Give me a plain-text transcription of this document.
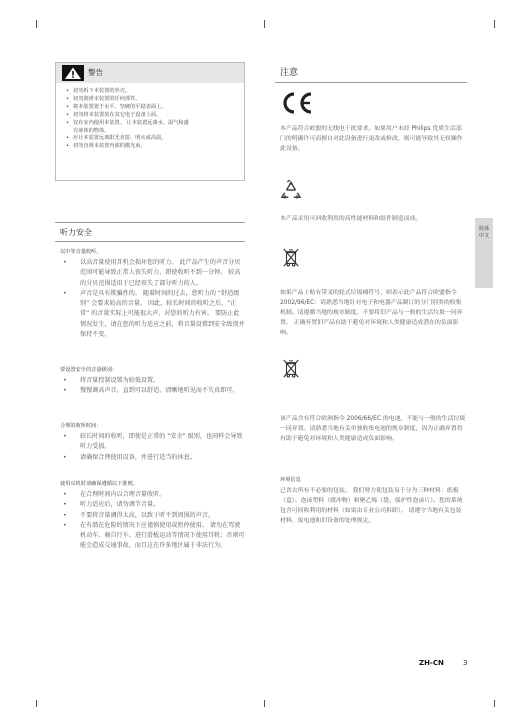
警告
• 切勿拆下本装置的外壳。
• 切勿润滑本装置的任何部件。
• 将本装置置于水平、坚硬的平稳表面上。
• 切勿将本装置放在其它电子设备上面。
• 仅在室内使用本装置。 让本装置远离水、湿气和盛
有液体的物体。
• 应让本装置远离阳光直射、明火或高温。
• 切勿直视本装置内部的激光束。
听力安全
以中等音量收听。
• 以高音量使用耳机会损坏您的听力。 此产品产生的声音分贝范围可能导致正常人丧失听力，即使收听不到一分钟。 较高的分贝范围适用于已经丧失了部分听力的人。
• 声音是具有欺骗性的。 随着时间的过去，您听力的 “舒适级别” 会要求较高的音量。 因此，较长时间的收听之后，“正常” 的音量实际上可能很大声，对您的听力有害。 要防止此情况发生，请在您的听力适应之前，将音量设置到安全级别并保持不变。
要设置安全的音量级别：
• 将音量控制设置为较低设置。
• 慢慢调高声音，直到可以舒适、清晰地听见而不失真即可。
合理的收听时间：
• 较长时间的收听，即使是正常的 “安全” 级别，也同样会导致听力受损。
• 请确保合理使用设备，并进行适当的休息。
使用耳机时请确保遵循以下准则。
• 在合理时间内以合理音量收听。
• 听力适应后，请勿调节音量。
• 不要将音量调得太高，以致于听不到周围的声音。
• 在有潜在危险的情况下应谨慎使用或暂停使用。 请勿在驾驶机动车、骑自行车、进行滑板运动等情况下使用耳机；否则可能会造成交通事故，而且这在许多地区属于非法行为。
注意
本产品符合欧盟的无线电干扰要求。如果用户未经 Philips 优质生活部门的明确许可而擅自对此设备进行更改或修改，则可能导致其无权操作此设备。
本产品采用可回收利用的高性能材料和组件制造而成。
如果产品上贴有带叉的轮式垃圾桶符号，则表示此产品符合欧盟指令 2002/96/EC：请熟悉当地针对电子和电器产品制订的分门别类的收集机制。请遵循当地的规章制度，不要将旧产品与一般的生活垃圾一同弃置。 正确弃置旧产品有助于避免对环境和人类健康造成潜在的负面影响。
该产品含有符合欧洲指令 2006/66/EC 的电池，不能与一般的生活垃圾一同弃置。请熟悉当地有关单独收集电池的规章制度，因为正确弃置将有助于避免对环境和人类健康造成负面影响。
环境信息
已省去所有不必要的包装。 我们努力使包装易于分为三种材料：纸板（盒）、泡沫塑料（缓冲物）和聚乙烯（袋、保护性泡沫片）。您的系统包含可回收利用的材料（如果由专业公司拆卸）。 请遵守当地有关包装材料、废电池和旧设备的处理规定。
简体中文
ZH-CN	3
